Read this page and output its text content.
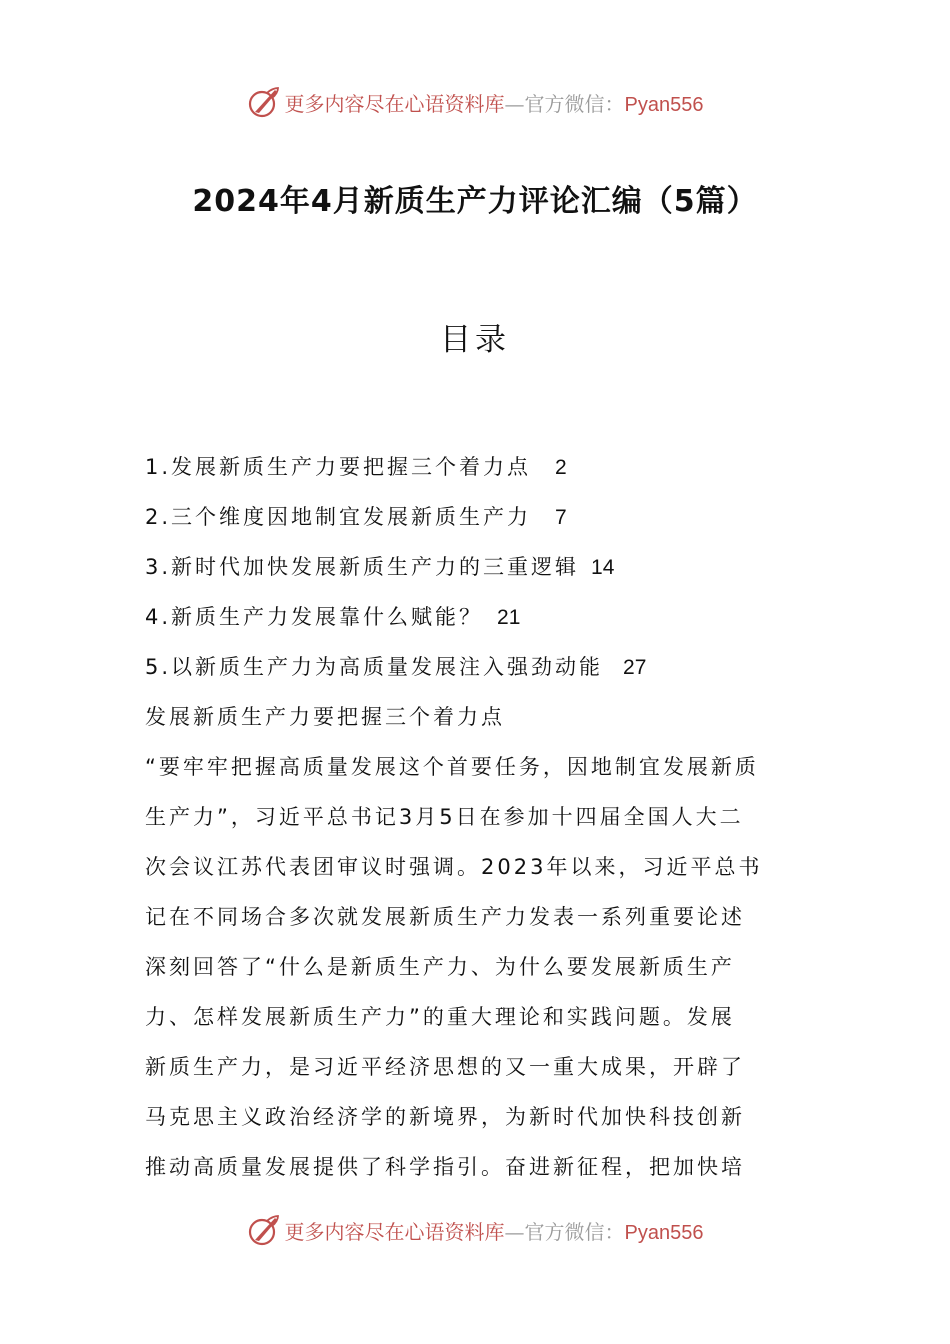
更多内容尽在心语资料库—官方微信：Pyan556
2024年4月新质生产力评论汇编（5篇）
目录
1.发展新质生产力要把握三个着力点 2
2.三个维度因地制宜发展新质生产力 7
3.新时代加快发展新质生产力的三重逻辑 14
4.新质生产力发展靠什么赋能？ 21
5.以新质生产力为高质量发展注入强劲动能 27
发展新质生产力要把握三个着力点
“要牢牢把握高质量发展这个首要任务，因地制宜发展新质
生产力”，习近平总书记3月5日在参加十四届全国人大二
次会议江苏代表团审议时强调。2023年以来，习近平总书
记在不同场合多次就发展新质生产力发表一系列重要论述
深刻回答了“什么是新质生产力、为什么要发展新质生产
力、怎样发展新质生产力”的重大理论和实践问题。发展
新质生产力，是习近平经济思想的又一重大成果，开辟了
马克思主义政治经济学的新境界，为新时代加快科技创新
推动高质量发展提供了科学指引。奋进新征程，把加快培
更多内容尽在心语资料库—官方微信：Pyan556
